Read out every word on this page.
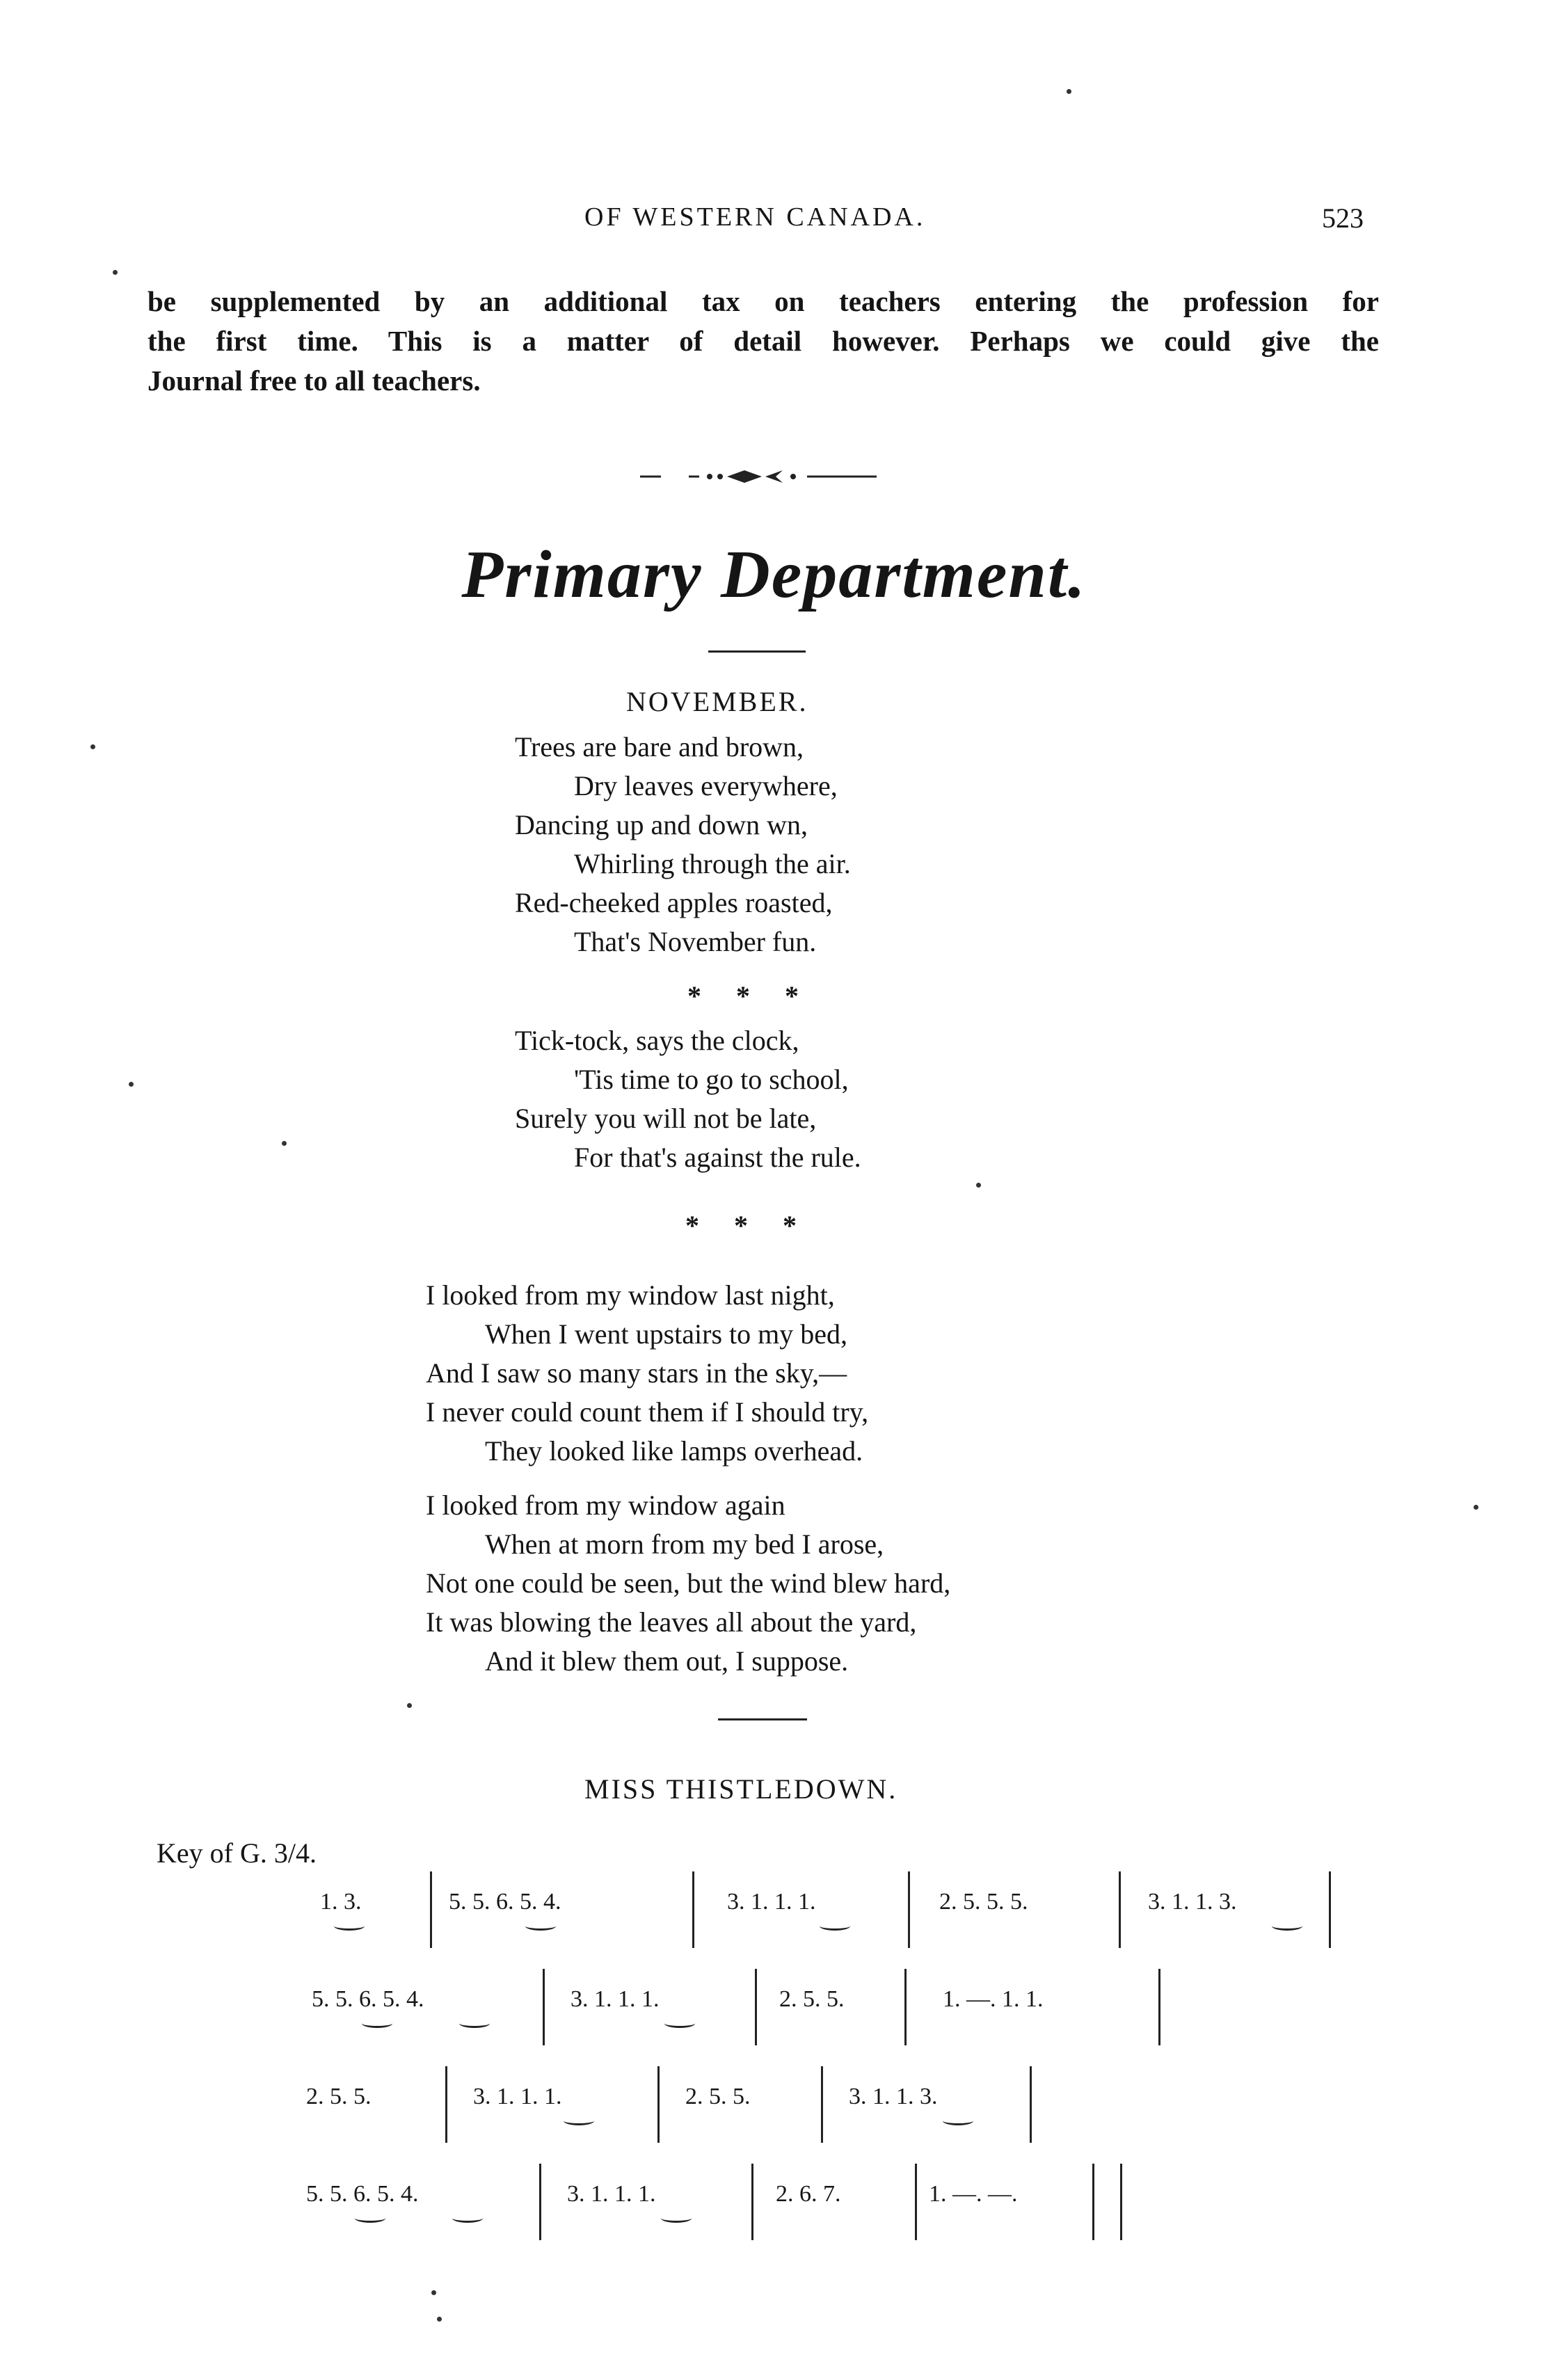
OF WESTERN CANADA.	523
be supplemented by an additional tax on teachers entering the profession for
the first time. This is a matter of detail however. Perhaps we could give the
Journal free to all teachers.
Primary Department.
NOVEMBER.
Trees are bare and brown,
Dry leaves everywhere,
Dancing up and down wn,
Whirling through the air.
Red-cheeked apples roasted,
That's November fun.
* * *
Tick-tock, says the clock,
'Tis time to go to school,
Surely you will not be late,
For that's against the rule.
* * *
I looked from my window last night,
When I went upstairs to my bed,
And I saw so many stars in the sky,—
I never could count them if I should try,
They looked like lamps overhead.
I looked from my window again
When at morn from my bed I arose,
Not one could be seen, but the wind blew hard,
It was blowing the leaves all about the yard,
And it blew them out, I suppose.
MISS THISTLEDOWN.
Key of G. 3/4.
1. 3.	5. 5. 6. 5. 4.	3. 1. 1. 1.	2. 5. 5. 5.	3. 1. 1. 3.
5. 5. 6. 5. 4.	3. 1. 1. 1.	2. 5. 5.	1. —. 1. 1.
2. 5. 5.	3. 1. 1. 1.	2. 5. 5.	3. 1. 1. 3.
5. 5. 6. 5. 4.	3. 1. 1. 1.	2. 6. 7.	1. —. —.
